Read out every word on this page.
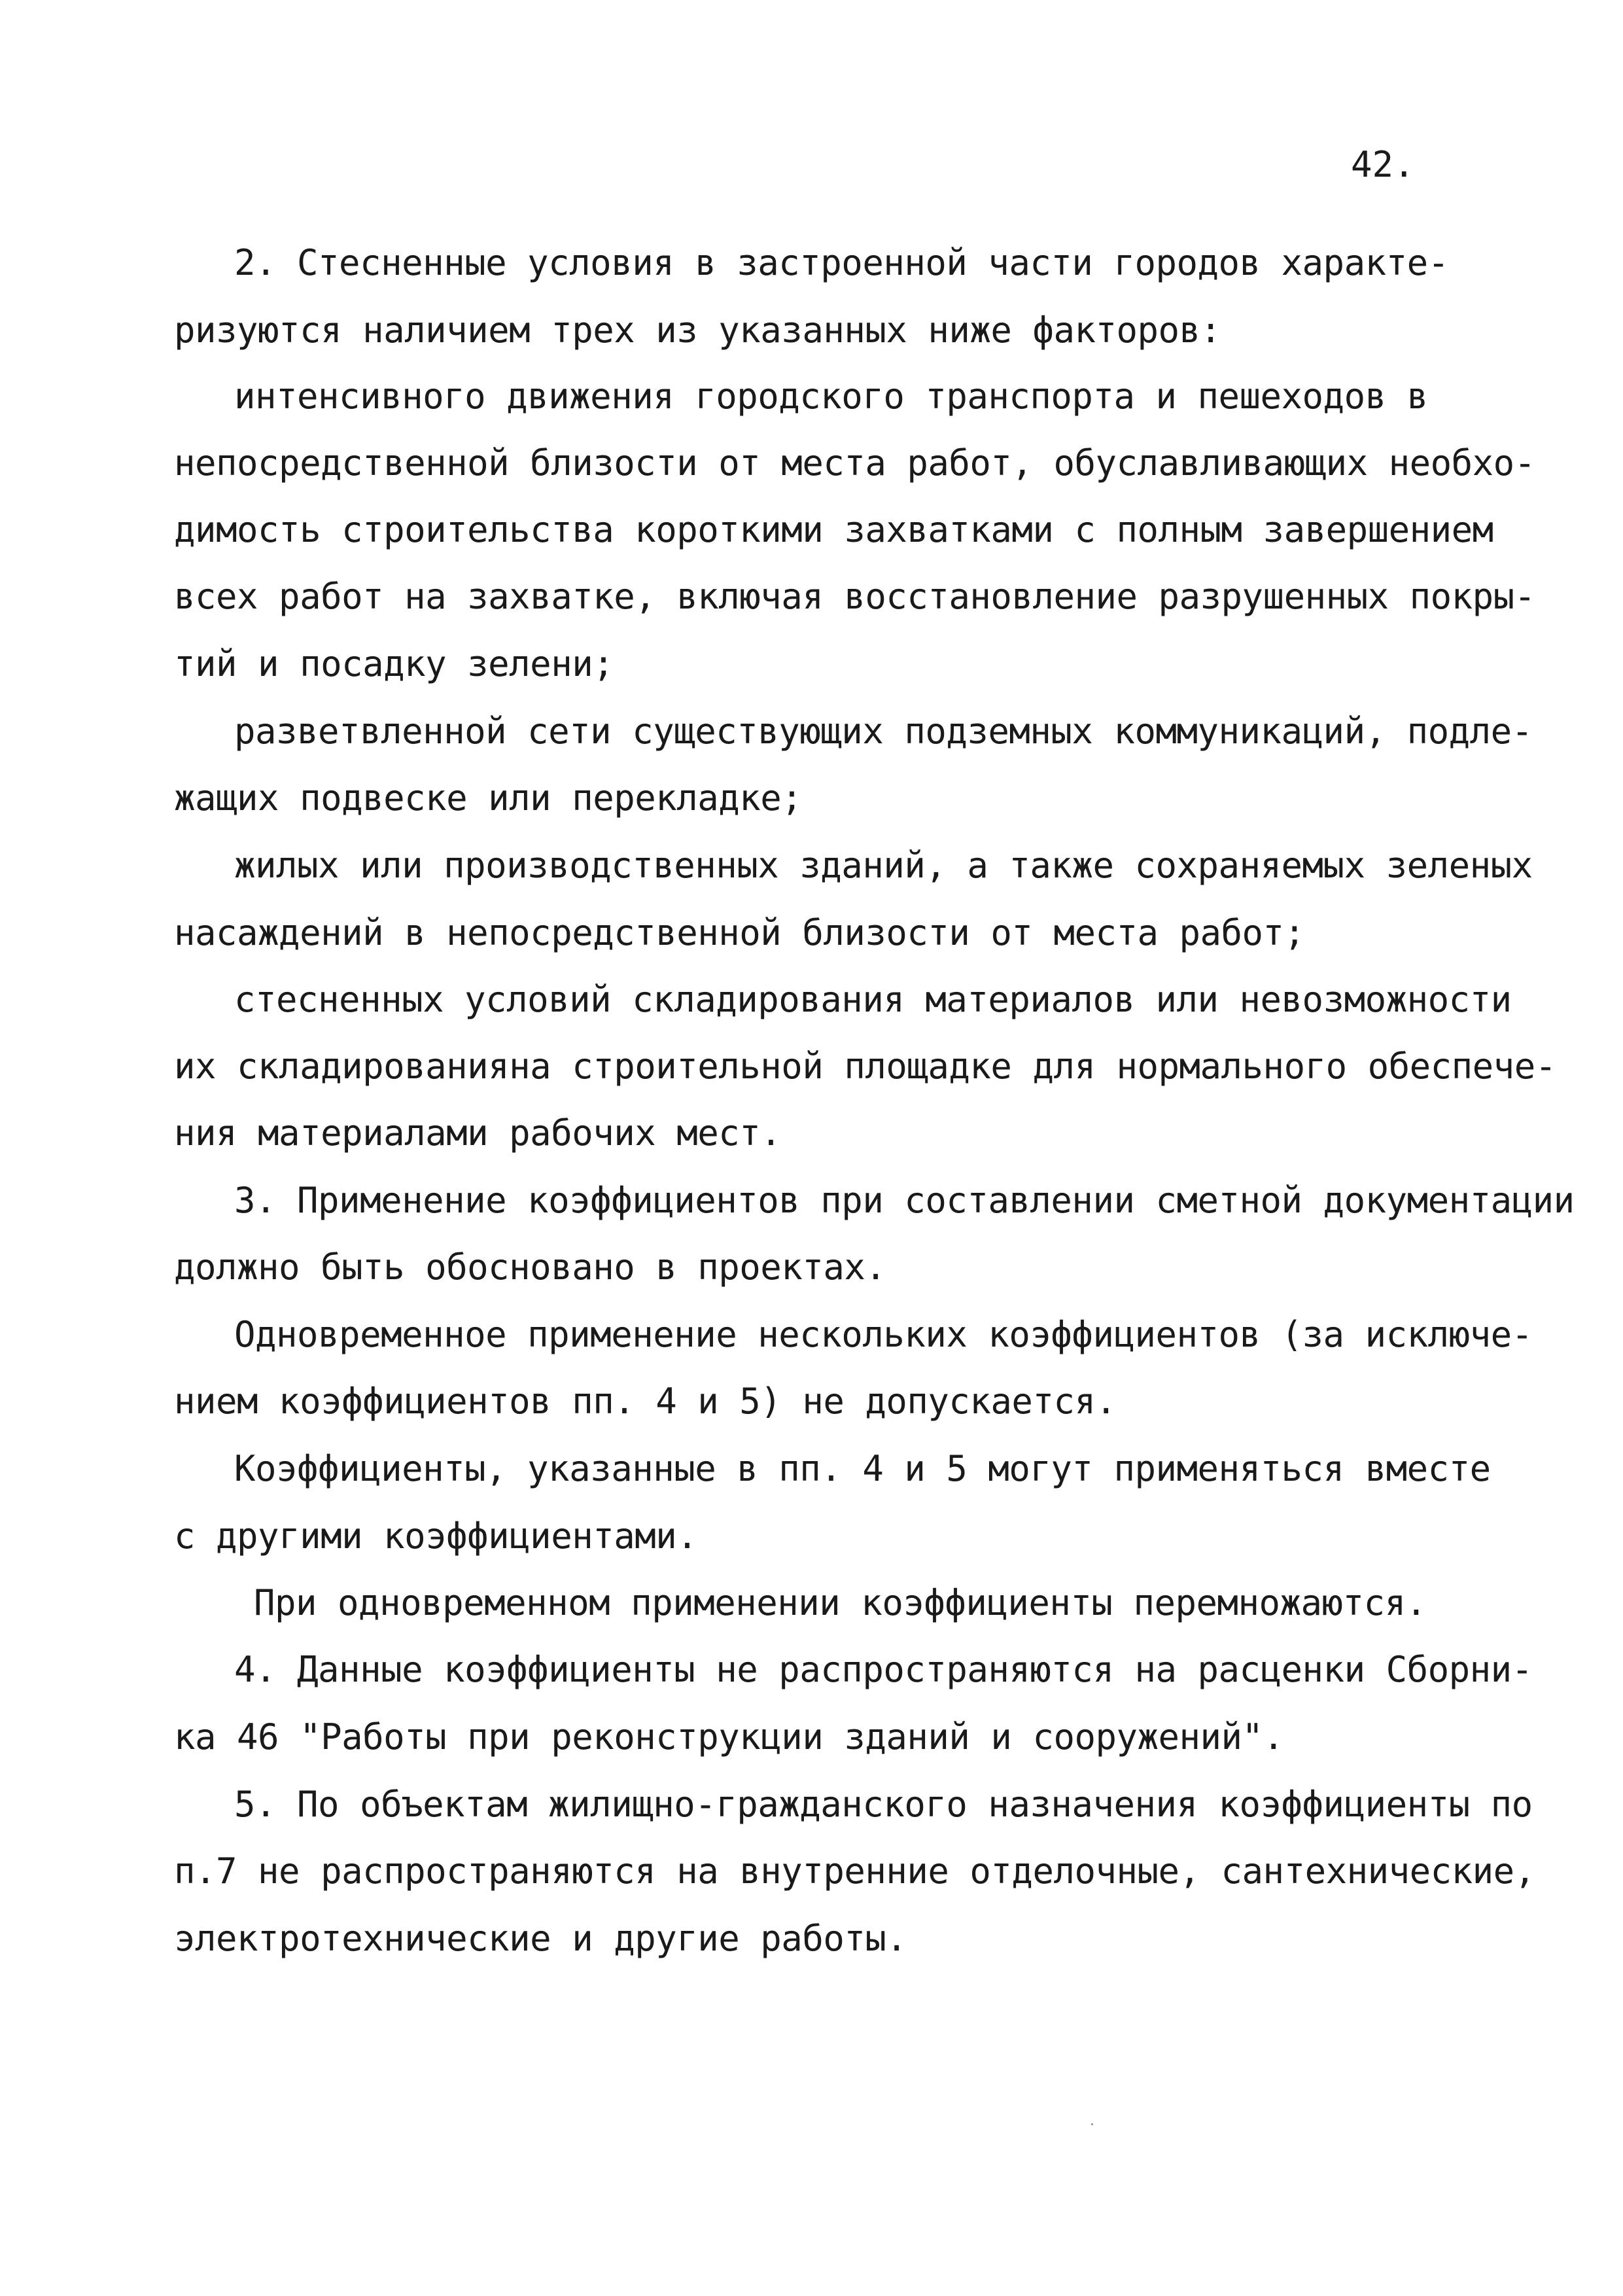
42.
2. Стесненные условия в застроенной части городов характе-
ризуются наличием трех из указанных ниже факторов:
интенсивного движения городского транспорта и пешеходов в
непосредственной близости от места работ, обуславливающих необхо-
димость строительства короткими захватками с полным завершением
всех работ на захватке, включая восстановление разрушенных покры-
тий и посадку зелени;
разветвленной сети существующих подземных коммуникаций, подле-
жащих подвеске или перекладке;
жилых или производственных зданий, а также сохраняемых зеленых
насаждений в непосредственной близости от места работ;
стесненных условий складирования материалов или невозможности
их складированияна строительной площадке для нормального обеспече-
ния материалами рабочих мест.
3. Применение коэффициентов при составлении сметной документации
должно быть обосновано в проектах.
Одновременное применение нескольких коэффициентов (за исключе-
нием коэффициентов пп. 4 и 5) не допускается.
Коэффициенты, указанные в пп. 4 и 5 могут применяться вместе
с другими коэффициентами.
При одновременном применении коэффициенты перемножаются.
4. Данные коэффициенты не распространяются на расценки Сборни-
ка 46 "Работы при реконструкции зданий и сооружений".
5. По объектам жилищно-гражданского назначения коэффициенты по
п.7 не распространяются на внутренние отделочные, сантехнические,
электротехнические и другие работы.
